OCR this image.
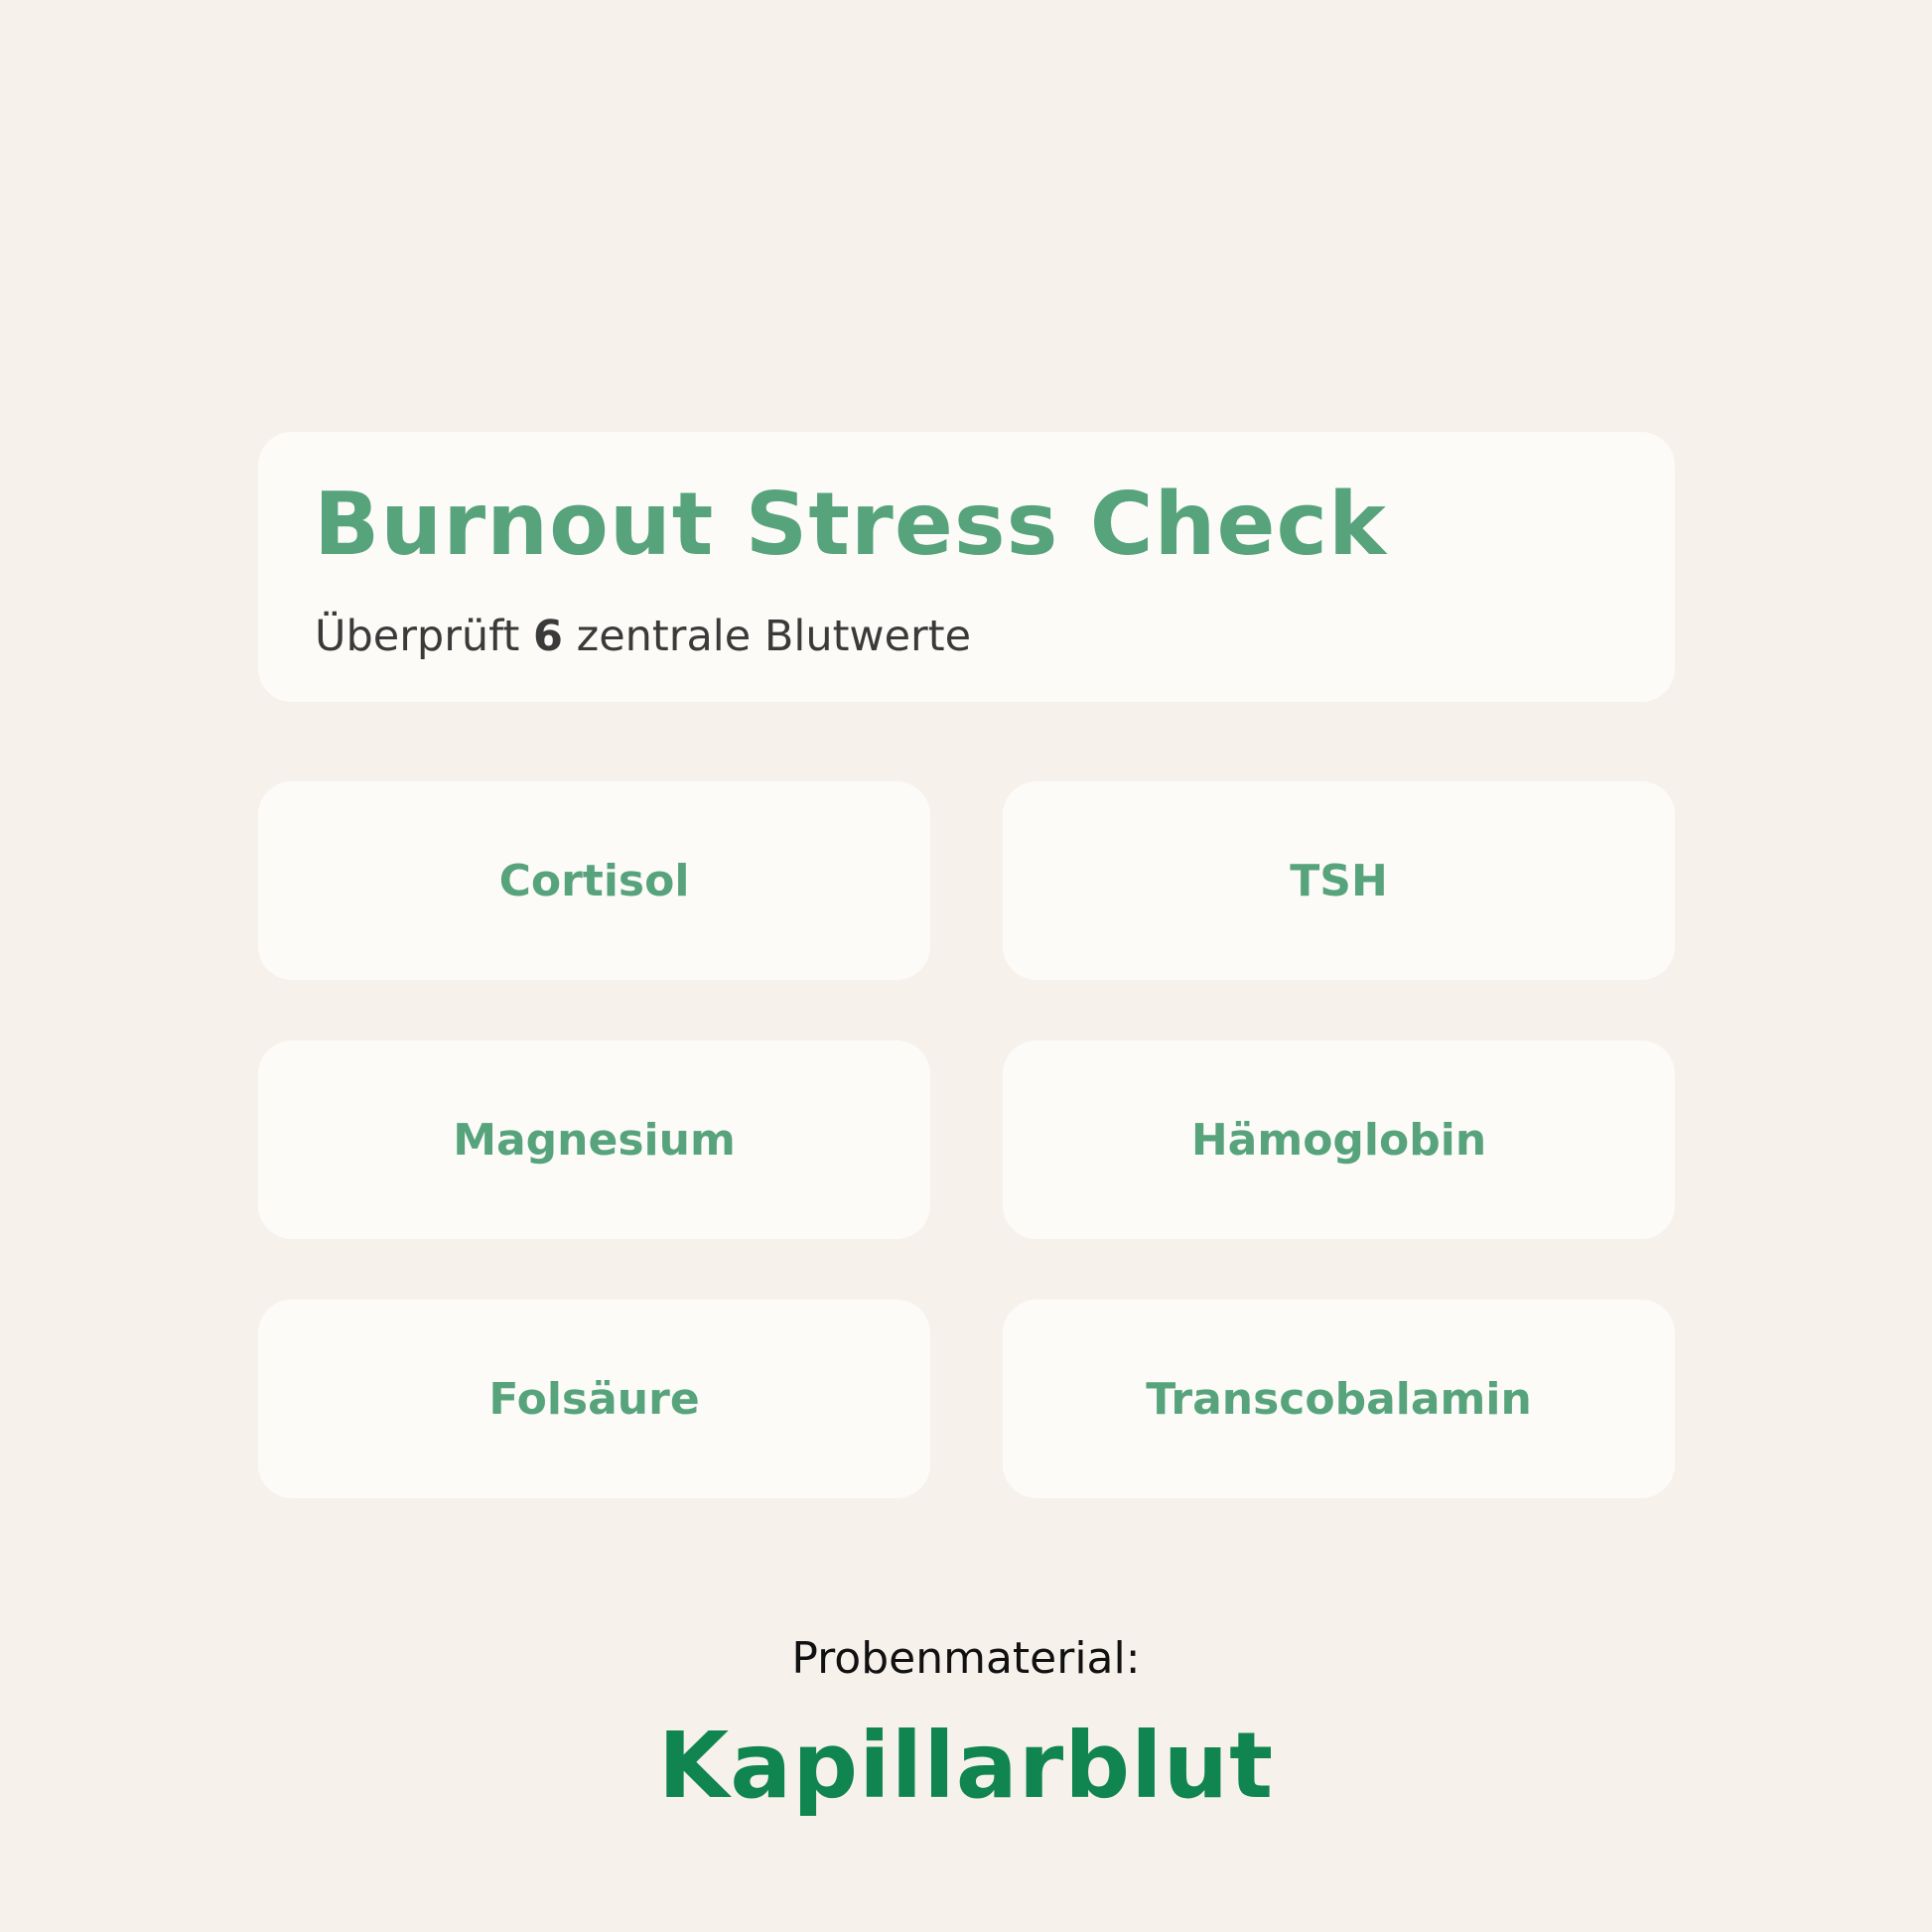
Burnout Stress Check

Überprüft 6 zentrale Blutwerte

Cortisol	TSH
Magnesium	Hämoglobin
Folsäure	Transcobalamin

Probenmaterial:

Kapillarblut
